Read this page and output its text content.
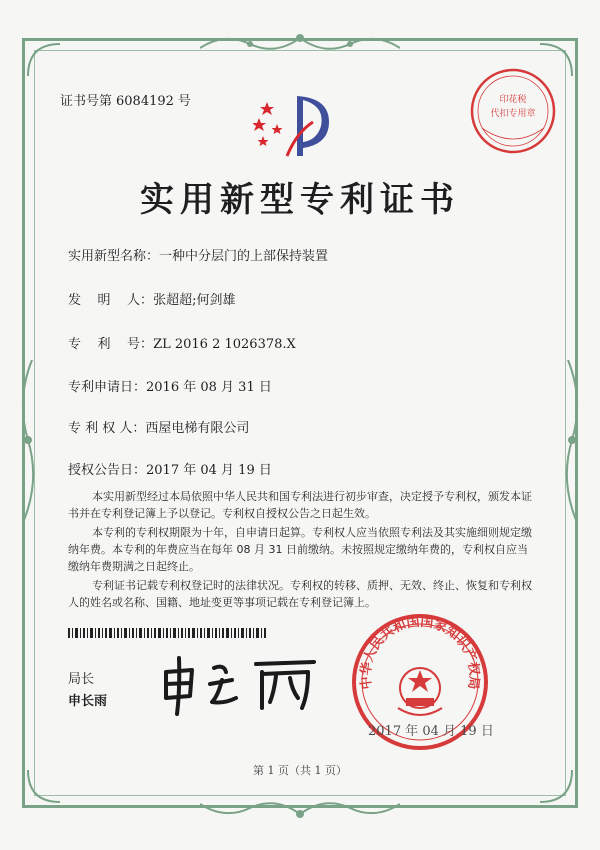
证书号第 6084192 号	印花税
代扣专用章
实用新型专利证书
实用新型名称：一种中分层门的上部保持装置
发    明    人：张超超;何剑雄
专    利    号：ZL 2016 2 1026378.X
专利申请日：2016 年 08 月 31 日
专 利 权 人：西屋电梯有限公司
授权公告日：2017 年 04 月 19 日
本实用新型经过本局依照中华人民共和国专利法进行初步审查，决定授予专利权，颁发本证书并在专利登记簿上予以登记。专利权自授权公告之日起生效。
本专利的专利权期限为十年，自申请日起算。专利权人应当依照专利法及其实施细则规定缴纳年费。本专利的年费应当在每年 08 月 31 日前缴纳。未按照规定缴纳年费的，专利权自应当缴纳年费期满之日起终止。
专利证书记载专利权登记时的法律状况。专利权的转移、质押、无效、终止、恢复和专利权人的姓名或名称、国籍、地址变更等事项记载在专利登记簿上。
局长
申长雨
中华人民共和国国家知识产权局
2017 年 04 月 19 日
第 1 页（共 1 页）
